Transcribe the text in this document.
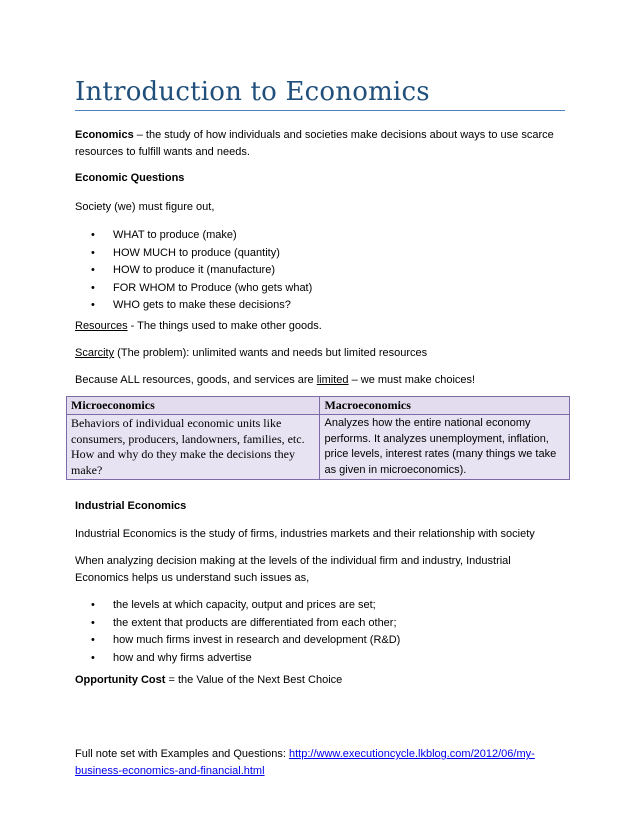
Introduction to Economics
Economics – the study of how individuals and societies make decisions about ways to use scarce resources to fulfill wants and needs.
Economic Questions
Society (we) must figure out,
• WHAT to produce (make)
• HOW MUCH to produce (quantity)
• HOW to produce it (manufacture)
• FOR WHOM to Produce (who gets what)
• WHO gets to make these decisions?
Resources - The things used to make other goods.
Scarcity (The problem): unlimited wants and needs but limited resources
Because ALL resources, goods, and services are limited – we must make choices!
Microeconomics	Macroeconomics
Behaviors of individual economic units like consumers, producers, landowners, families, etc. How and why do they make the decisions they make?	Analyzes how the entire national economy performs. It analyzes unemployment, inflation, price levels, interest rates (many things we take as given in microeconomics).
Industrial Economics
Industrial Economics is the study of firms, industries markets and their relationship with society
When analyzing decision making at the levels of the individual firm and industry, Industrial Economics helps us understand such issues as,
• the levels at which capacity, output and prices are set;
• the extent that products are differentiated from each other;
• how much firms invest in research and development (R&D)
• how and why firms advertise
Opportunity Cost = the Value of the Next Best Choice
Full note set with Examples and Questions: http://www.executioncycle.lkblog.com/2012/06/my-business-economics-and-financial.html
